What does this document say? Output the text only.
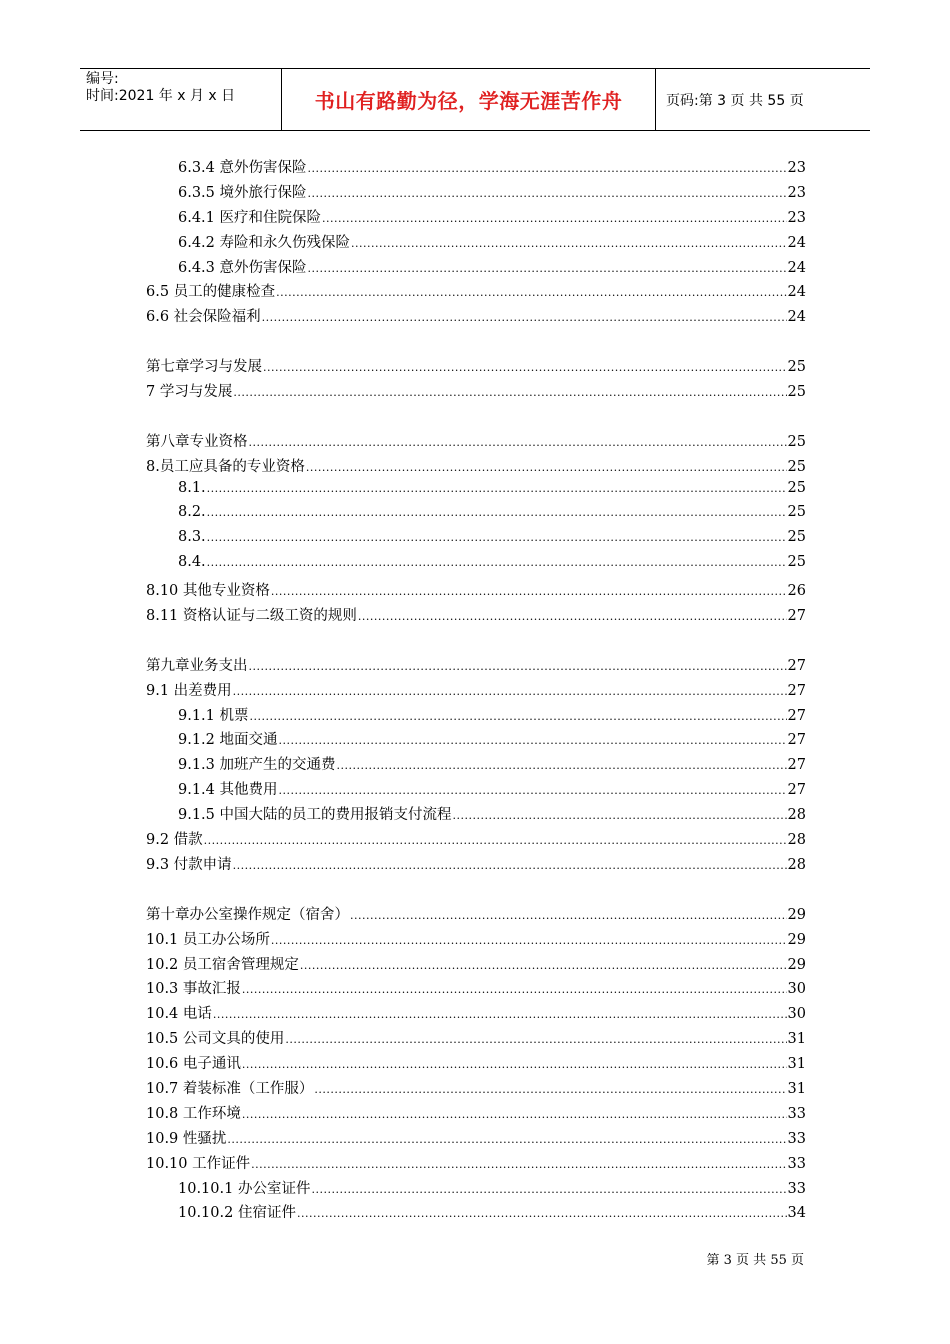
编号:
时间:2021 年 x 月 x 日	书山有路勤为径，学海无涯苦作舟	页码:第 3 页 共 55 页
6.3.4 意外伤害保险 .....	23
6.3.5 境外旅行保险 .....	23
6.4.1 医疗和住院保险 .....	23
6.4.2 寿险和永久伤残保险 .....	24
6.4.3 意外伤害保险 .....	24
6.5 员工的健康检查 .....	24
6.6 社会保险福利 .....	24
第七章学习与发展 .....	25
7 学习与发展 .....	25
第八章专业资格 .....	25
8.员工应具备的专业资格 .....	25
8.1. .....	25
8.2. .....	25
8.3. .....	25
8.4. .....	25
8.10 其他专业资格 .....	26
8.11 资格认证与二级工资的规则 .....	27
第九章业务支出 .....	27
9.1 出差费用 .....	27
9.1.1 机票 .....	27
9.1.2 地面交通 .....	27
9.1.3 加班产生的交通费 .....	27
9.1.4 其他费用 .....	27
9.1.5 中国大陆的员工的费用报销支付流程 .....	28
9.2 借款 .....	28
9.3 付款申请 .....	28
第十章办公室操作规定（宿舍） .....	29
10.1 员工办公场所 .....	29
10.2 员工宿舍管理规定 .....	29
10.3 事故汇报 .....	30
10.4 电话 .....	30
10.5 公司文具的使用 .....	31
10.6 电子通讯 .....	31
10.7 着装标准（工作服） .....	31
10.8 工作环境 .....	33
10.9 性骚扰 .....	33
10.10 工作证件 .....	33
10.10.1 办公室证件 .....	33
10.10.2 住宿证件 .....	34
第 3 页 共 55 页
